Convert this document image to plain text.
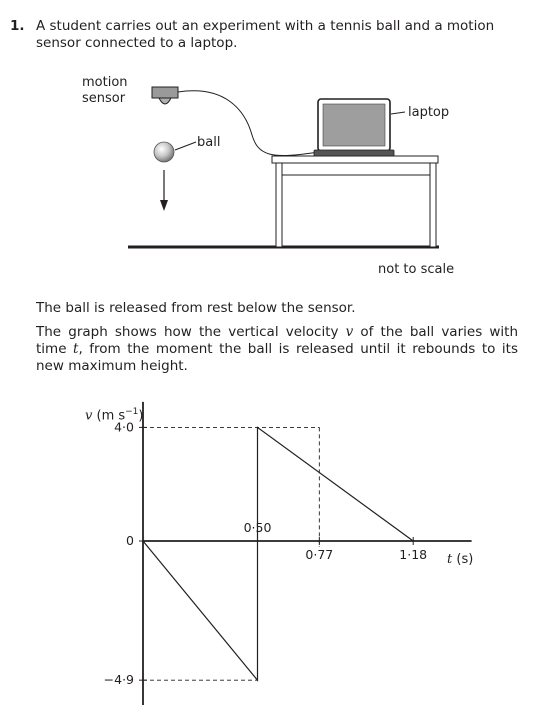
1. A student carries out an experiment with a tennis ball and a motion sensor connected to a laptop.
motion
sensor
ball
laptop
not to scale
The ball is released from rest below the sensor.
The graph shows how the vertical velocity v of the ball varies with time t, from the moment the ball is released until it rebounds to its new maximum height.
4·0
0
−4·9
0·50
0·77	1·18
v (m $s^{-1}$)
t (s)
